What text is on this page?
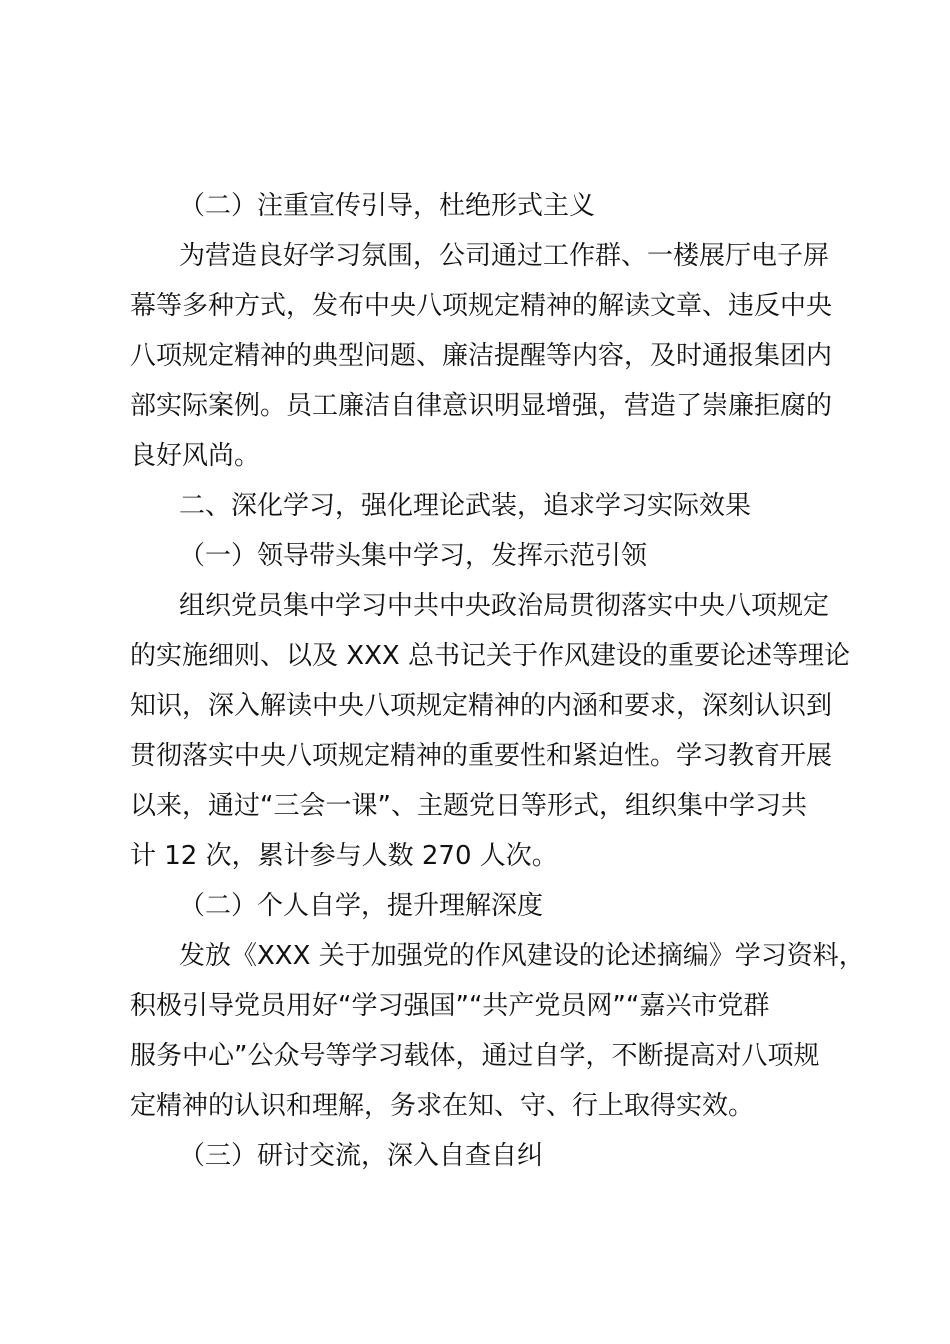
（二）注重宣传引导，杜绝形式主义
为营造良好学习氛围，公司通过工作群、一楼展厅电子屏
幕等多种方式，发布中央八项规定精神的解读文章、违反中央
八项规定精神的典型问题、廉洁提醒等内容，及时通报集团内
部实际案例。员工廉洁自律意识明显增强，营造了崇廉拒腐的
良好风尚。
二、深化学习，强化理论武装，追求学习实际效果
（一）领导带头集中学习，发挥示范引领
组织党员集中学习中共中央政治局贯彻落实中央八项规定
的实施细则、以及 XXX 总书记关于作风建设的重要论述等理论
知识，深入解读中央八项规定精神的内涵和要求，深刻认识到
贯彻落实中央八项规定精神的重要性和紧迫性。学习教育开展
以来，通过“三会一课”、主题党日等形式，组织集中学习共
计 12 次，累计参与人数 270 人次。
（二）个人自学，提升理解深度
发放《XXX 关于加强党的作风建设的论述摘编》学习资料，
积极引导党员用好“学习强国”“共产党员网”“嘉兴市党群
服务中心”公众号等学习载体，通过自学，不断提高对八项规
定精神的认识和理解，务求在知、守、行上取得实效。
（三）研讨交流，深入自查自纠
